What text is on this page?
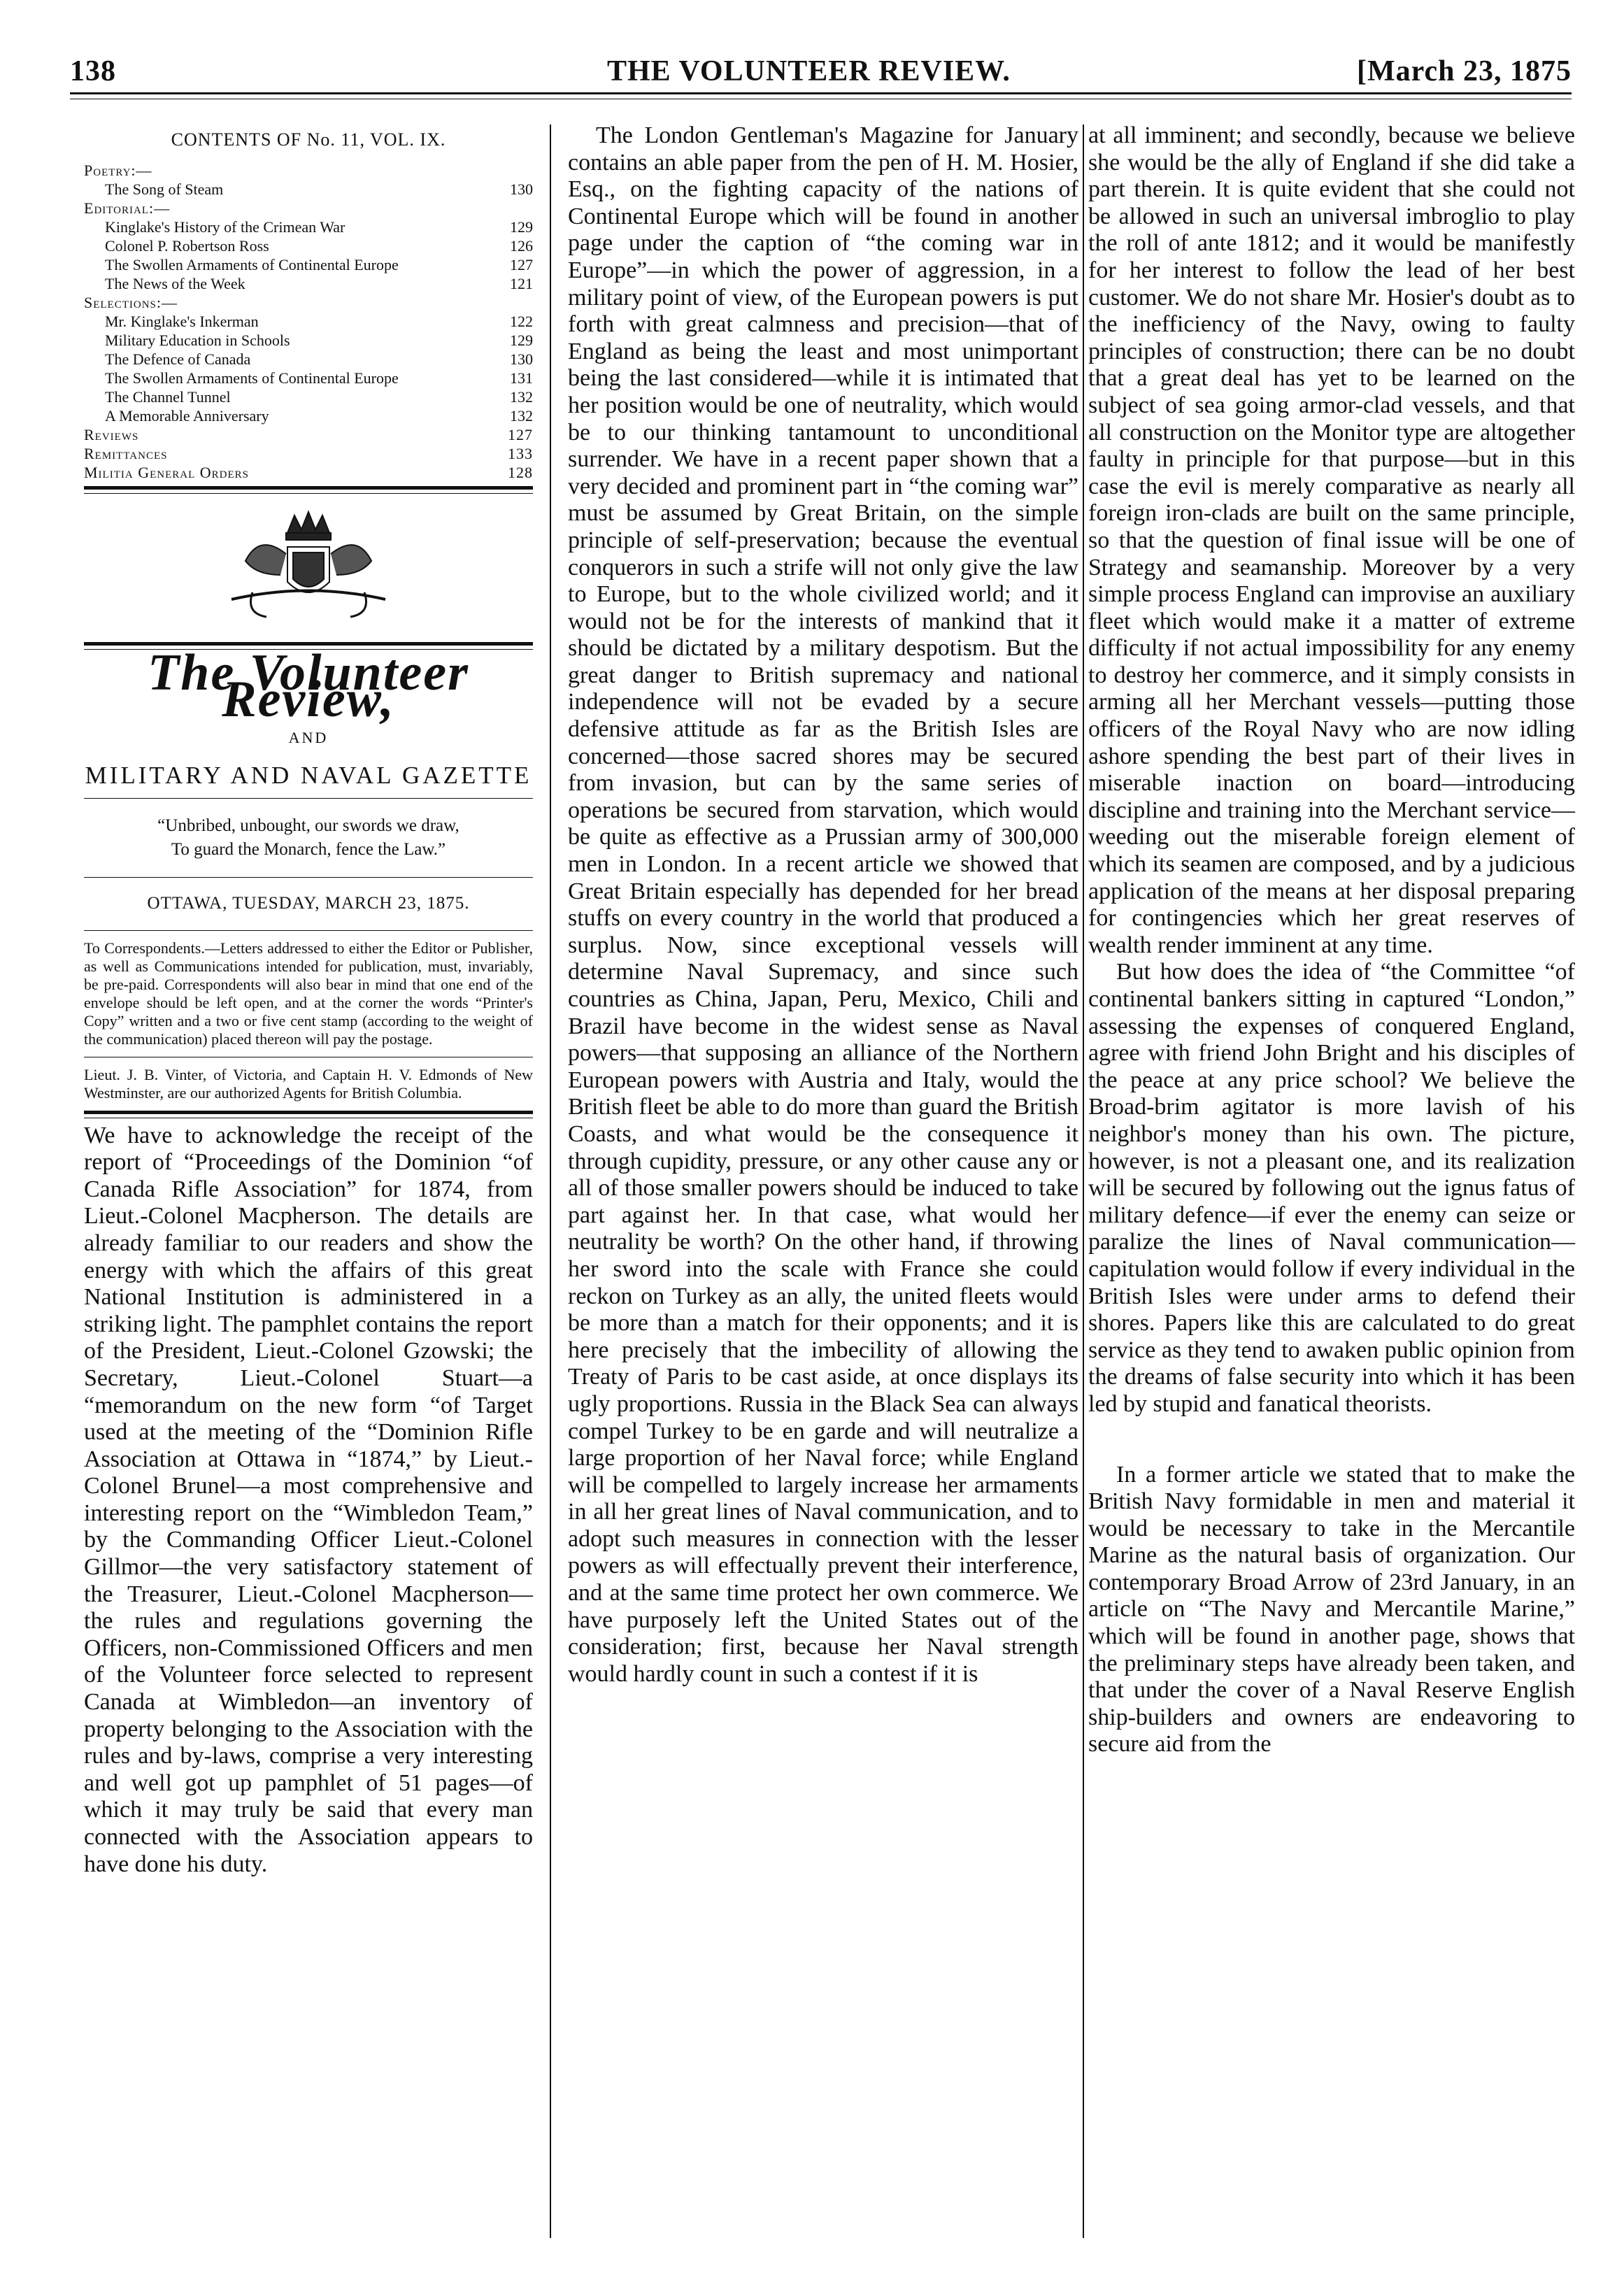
138	THE VOLUNTEER REVIEW.	[March 23, 1875
CONTENTS OF No. 11, VOL. IX.
Poetry:—
The Song of Steam	130
Editorial:—
Kinglake's History of the Crimean War	129
Colonel P. Robertson Ross	126
The Swollen Armaments of Continental Europe	127
The News of the Week	121
Selections:—
Mr. Kinglake's Inkerman	122
Military Education in Schools	129
The Defence of Canada	130
The Swollen Armaments of Continental Europe	131
The Channel Tunnel	132
A Memorable Anniversary	132
Reviews	127
Remittances	133
Militia General Orders	128
The Volunteer Review,
AND
MILITARY AND NAVAL GAZETTE
“Unbribed, unbought, our swords we draw,
To guard the Monarch, fence the Law.”
OTTAWA, TUESDAY, MARCH 23, 1875.
To Correspondents.—Letters addressed to either the Editor or Publisher, as well as Communications intended for publication, must, invariably, be pre-paid. Correspondents will also bear in mind that one end of the envelope should be left open, and at the corner the words “Printer's Copy” written and a two or five cent stamp (according to the weight of the communication) placed thereon will pay the postage.
Lieut. J. B. Vinter, of Victoria, and Captain H. V. Edmonds of New Westminster, are our authorized Agents for British Columbia.

We have to acknowledge the receipt of the report of “Proceedings of the Dominion “of Canada Rifle Association” for 1874, from Lieut.-Colonel Macpherson. The details are already familiar to our readers and show the energy with which the affairs of this great National Institution is administered in a striking light. The pamphlet contains the report of the President, Lieut.-Colonel Gzowski; the Secretary, Lieut.-Colonel Stuart—a “memorandum on the new form “of Target used at the meeting of the “Dominion Rifle Association at Ottawa in “1874,” by Lieut.-Colonel Brunel—a most comprehensive and interesting report on the “Wimbledon Team,” by the Commanding Officer Lieut.-Colonel Gillmor—the very satisfactory statement of the Treasurer, Lieut.-Colonel Macpherson—the rules and regulations governing the Officers, non-Commissioned Officers and men of the Volunteer force selected to represent Canada at Wimbledon—an inventory of property belonging to the Association with the rules and by-laws, comprise a very interesting and well got up pamphlet of 51 pages—of which it may truly be said that every man connected with the Association appears to have done his duty.

The London Gentleman's Magazine for January contains an able paper from the pen of H. M. Hosier, Esq., on the fighting capacity of the nations of Continental Europe which will be found in another page under the caption of “the coming war in Europe”—in which the power of aggression, in a military point of view, of the European powers is put forth with great calmness and precision—that of England as being the least and most unimportant being the last considered—while it is intimated that her position would be one of neutrality, which would be to our thinking tantamount to unconditional surrender. We have in a recent paper shown that a very decided and prominent part in “the coming war” must be assumed by Great Britain, on the simple principle of self-preservation; because the eventual conquerors in such a strife will not only give the law to Europe, but to the whole civilized world; and it would not be for the interests of mankind that it should be dictated by a military despotism. But the great danger to British supremacy and national independence will not be evaded by a secure defensive attitude as far as the British Isles are concerned—those sacred shores may be secured from invasion, but can by the same series of operations be secured from starvation, which would be quite as effective as a Prussian army of 300,000 men in London. In a recent article we showed that Great Britain especially has depended for her bread stuffs on every country in the world that produced a surplus. Now, since exceptional vessels will determine Naval Supremacy, and since such countries as China, Japan, Peru, Mexico, Chili and Brazil have become in the widest sense as Naval powers—that supposing an alliance of the Northern European powers with Austria and Italy, would the British fleet be able to do more than guard the British Coasts, and what would be the consequence it through cupidity, pressure, or any other cause any or all of those smaller powers should be induced to take part against her. In that case, what would her neutrality be worth? On the other hand, if throwing her sword into the scale with France she could reckon on Turkey as an ally, the united fleets would be more than a match for their opponents; and it is here precisely that the imbecility of allowing the Treaty of Paris to be cast aside, at once displays its ugly proportions. Russia in the Black Sea can always compel Turkey to be en garde and will neutralize a large proportion of her Naval force; while England will be compelled to largely increase her armaments in all her great lines of Naval communication, and to adopt such measures in connection with the lesser powers as will effectually prevent their interference, and at the same time protect her own commerce. We have purposely left the United States out of the consideration; first, because her Naval strength would hardly count in such a contest if it is

at all imminent; and secondly, because we believe she would be the ally of England if she did take a part therein. It is quite evident that she could not be allowed in such an universal imbroglio to play the roll of ante 1812; and it would be manifestly for her interest to follow the lead of her best customer. We do not share Mr. Hosier's doubt as to the inefficiency of the Navy, owing to faulty principles of construction; there can be no doubt that a great deal has yet to be learned on the subject of sea going armor-clad vessels, and that all construction on the Monitor type are altogether faulty in principle for that purpose—but in this case the evil is merely comparative as nearly all foreign iron-clads are built on the same principle, so that the question of final issue will be one of Strategy and seamanship. Moreover by a very simple process England can improvise an auxiliary fleet which would make it a matter of extreme difficulty if not actual impossibility for any enemy to destroy her commerce, and it simply consists in arming all her Merchant vessels—putting those officers of the Royal Navy who are now idling ashore spending the best part of their lives in miserable inaction on board—introducing discipline and training into the Merchant service—weeding out the miserable foreign element of which its seamen are composed, and by a judicious application of the means at her disposal preparing for contingencies which her great reserves of wealth render imminent at any time.

But how does the idea of “the Committee “of continental bankers sitting in captured “London,” assessing the expenses of conquered England, agree with friend John Bright and his disciples of the peace at any price school? We believe the Broad-brim agitator is more lavish of his neighbor's money than his own. The picture, however, is not a pleasant one, and its realization will be secured by following out the ignus fatus of military defence—if ever the enemy can seize or paralize the lines of Naval communication—capitulation would follow if every individual in the British Isles were under arms to defend their shores. Papers like this are calculated to do great service as they tend to awaken public opinion from the dreams of false security into which it has been led by stupid and fanatical theorists.

In a former article we stated that to make the British Navy formidable in men and material it would be necessary to take in the Mercantile Marine as the natural basis of organization. Our contemporary Broad Arrow of 23rd January, in an article on “The Navy and Mercantile Marine,” which will be found in another page, shows that the preliminary steps have already been taken, and that under the cover of a Naval Reserve English ship-builders and owners are endeavoring to secure aid from the
